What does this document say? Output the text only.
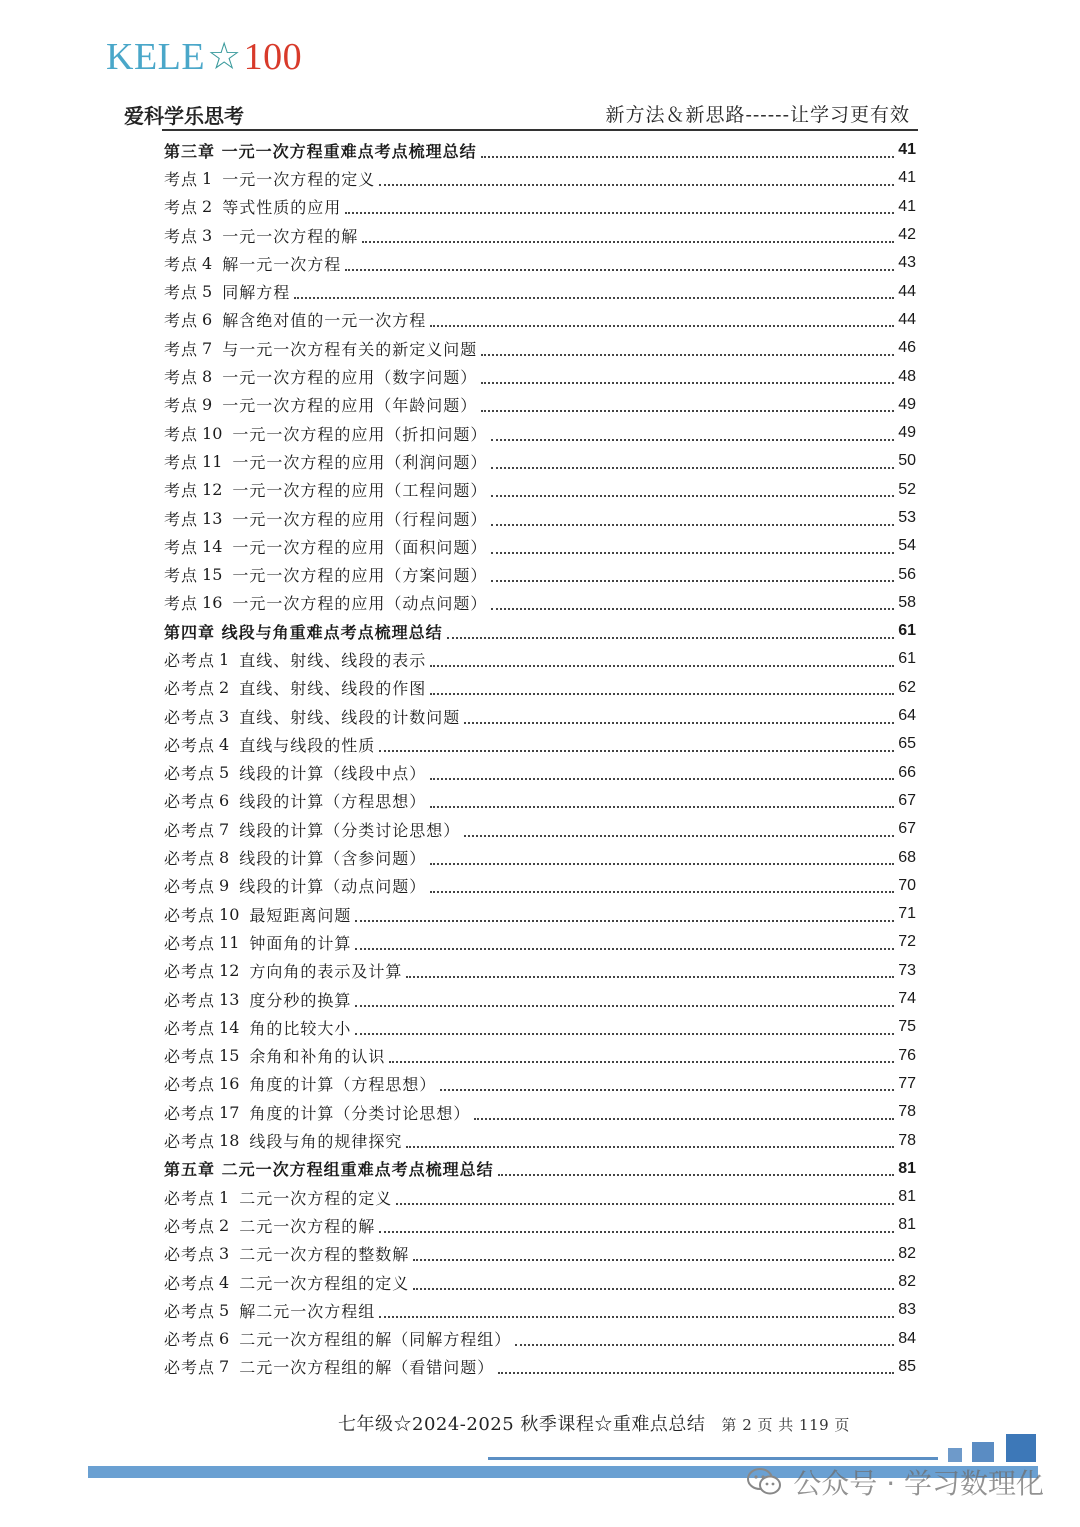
KELE☆100
爱科学乐思考	新方法＆新思路------让学习更有效
第三章 一元一次方程重难点考点梳理总结	41
考点 1 一元一次方程的定义	41
考点 2 等式性质的应用	41
考点 3 一元一次方程的解	42
考点 4 解一元一次方程	43
考点 5 同解方程	44
考点 6 解含绝对值的一元一次方程	44
考点 7 与一元一次方程有关的新定义问题	46
考点 8 一元一次方程的应用（数字问题）	48
考点 9 一元一次方程的应用（年龄问题）	49
考点 10 一元一次方程的应用（折扣问题）	49
考点 11 一元一次方程的应用（利润问题）	50
考点 12 一元一次方程的应用（工程问题）	52
考点 13 一元一次方程的应用（行程问题）	53
考点 14 一元一次方程的应用（面积问题）	54
考点 15 一元一次方程的应用（方案问题）	56
考点 16 一元一次方程的应用（动点问题）	58
第四章 线段与角重难点考点梳理总结	61
必考点 1 直线、射线、线段的表示	61
必考点 2 直线、射线、线段的作图	62
必考点 3 直线、射线、线段的计数问题	64
必考点 4 直线与线段的性质	65
必考点 5 线段的计算（线段中点）	66
必考点 6 线段的计算（方程思想）	67
必考点 7 线段的计算（分类讨论思想）	67
必考点 8 线段的计算（含参问题）	68
必考点 9 线段的计算（动点问题）	70
必考点 10 最短距离问题	71
必考点 11 钟面角的计算	72
必考点 12 方向角的表示及计算	73
必考点 13 度分秒的换算	74
必考点 14 角的比较大小	75
必考点 15 余角和补角的认识	76
必考点 16 角度的计算（方程思想）	77
必考点 17 角度的计算（分类讨论思想）	78
必考点 18 线段与角的规律探究	78
第五章 二元一次方程组重难点考点梳理总结	81
必考点 1 二元一次方程的定义	81
必考点 2 二元一次方程的解	81
必考点 3 二元一次方程的整数解	82
必考点 4 二元一次方程组的定义	82
必考点 5 解二元一次方程组	83
必考点 6 二元一次方程组的解（同解方程组）	84
必考点 7 二元一次方程组的解（看错问题）	85
七年级☆2024-2025 秋季课程☆重难点总结 第 2 页 共 119 页
公众号 · 学习数理化
